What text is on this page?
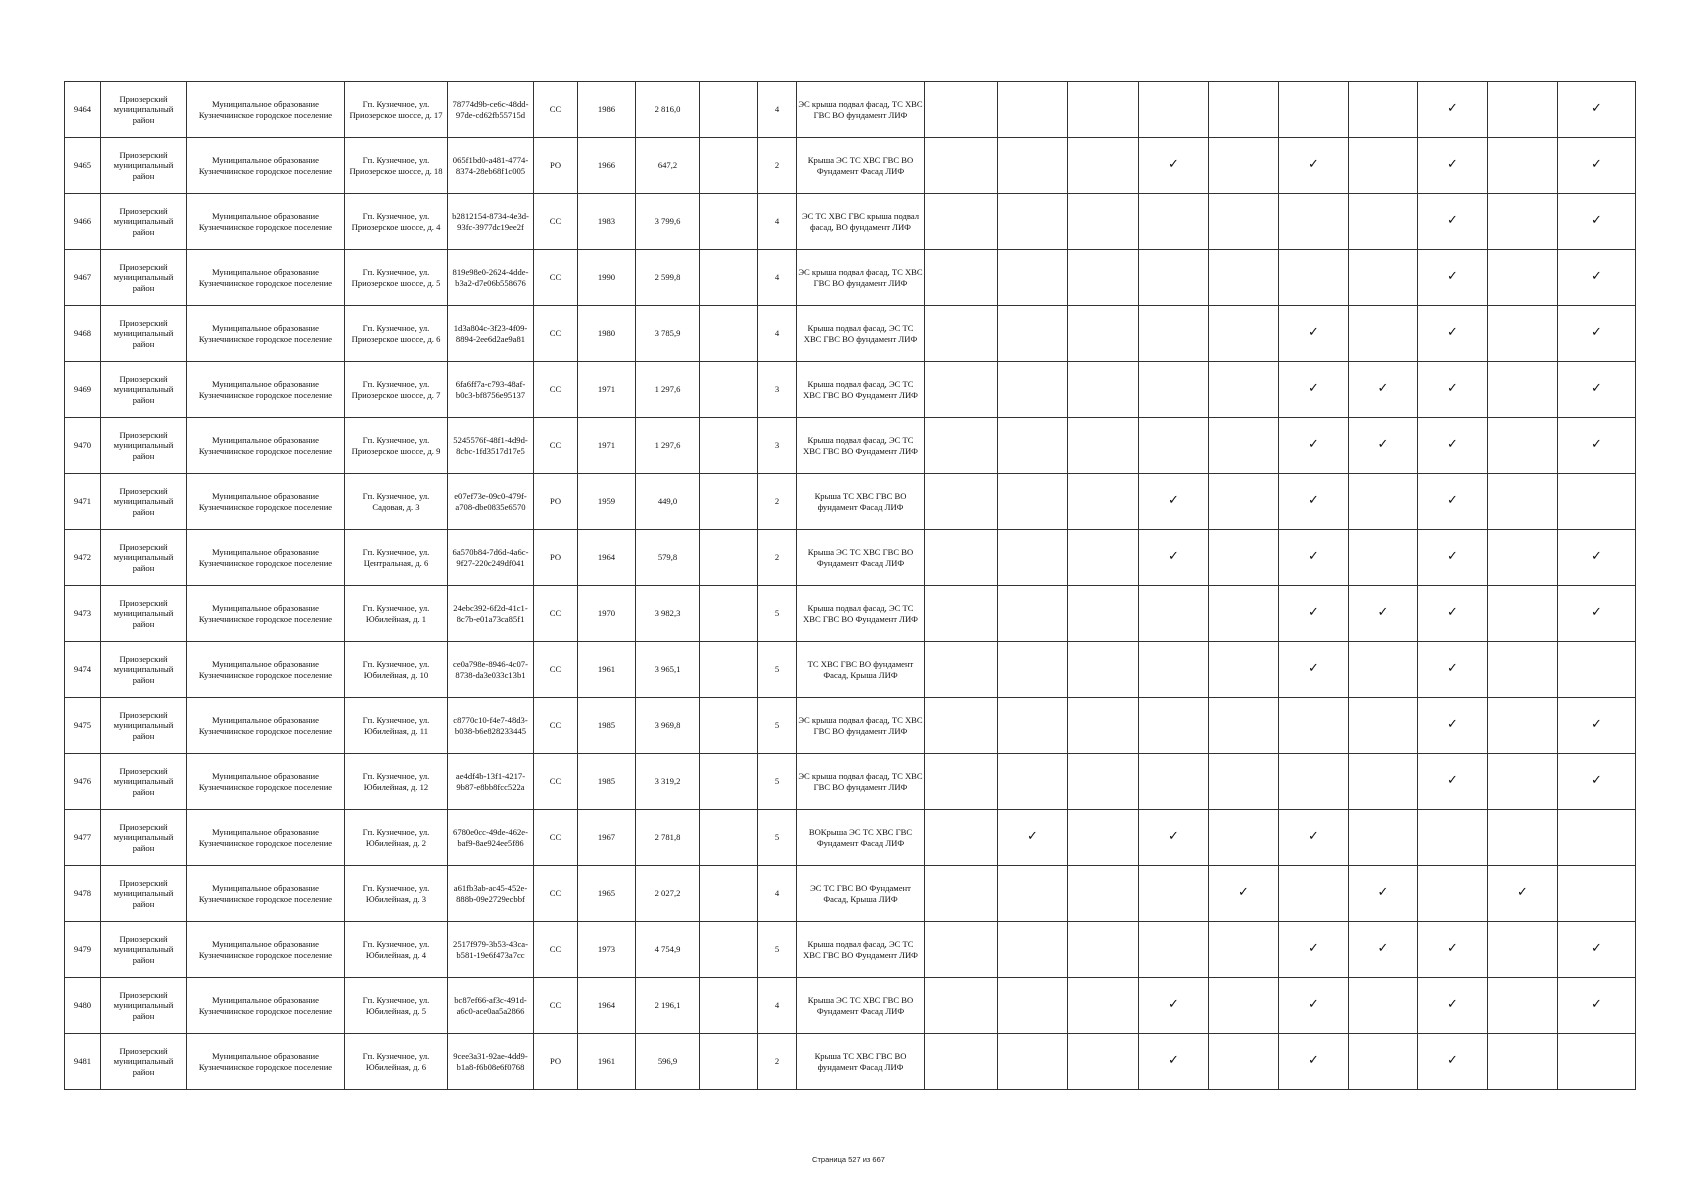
9464	Приозерский муниципальный район	Муниципальное образование Кузнечнинское городское поселение	Гп. Кузнечное, ул. Приозерское шоссе, д. 17	78774d9b-ce6c-48dd-97de-cd62fb55715d	СС	1986	2 816,0		4	ЭС крыша подвал фасад, ТС ХВС ГВС ВО фундамент ЛИФ								✓		✓
9465	Приозерский муниципальный район	Муниципальное образование Кузнечнинское городское поселение	Гп. Кузнечное, ул. Приозерское шоссе, д. 18	065f1bd0-a481-4774-8374-28eb68f1c005	РО	1966	647,2		2	Крыша ЭС ТС ХВС ГВС ВО Фундамент Фасад ЛИФ				✓		✓		✓		✓
9466	Приозерский муниципальный район	Муниципальное образование Кузнечнинское городское поселение	Гп. Кузнечное, ул. Приозерское шоссе, д. 4	b2812154-8734-4e3d-93fc-3977dc19ee2f	СС	1983	3 799,6		4	ЭС ТС ХВС ГВС крыша подвал фасад, ВО фундамент ЛИФ								✓		✓
9467	Приозерский муниципальный район	Муниципальное образование Кузнечнинское городское поселение	Гп. Кузнечное, ул. Приозерское шоссе, д. 5	819e98e0-2624-4dde-b3a2-d7e06b558676	СС	1990	2 599,8		4	ЭС крыша подвал фасад, ТС ХВС ГВС ВО фундамент ЛИФ								✓		✓
9468	Приозерский муниципальный район	Муниципальное образование Кузнечнинское городское поселение	Гп. Кузнечное, ул. Приозерское шоссе, д. 6	1d3a804c-3f23-4f09-8894-2ee6d2ae9a81	СС	1980	3 785,9		4	Крыша подвал фасад, ЭС ТС ХВС ГВС ВО фундамент ЛИФ						✓		✓		✓
9469	Приозерский муниципальный район	Муниципальное образование Кузнечнинское городское поселение	Гп. Кузнечное, ул. Приозерское шоссе, д. 7	6fa6ff7a-c793-48af-b0c3-bf8756e95137	СС	1971	1 297,6		3	Крыша подвал фасад, ЭС ТС ХВС ГВС ВО Фундамент ЛИФ						✓	✓	✓		✓
9470	Приозерский муниципальный район	Муниципальное образование Кузнечнинское городское поселение	Гп. Кузнечное, ул. Приозерское шоссе, д. 9	5245576f-48f1-4d9d-8cbc-1fd3517d17e5	СС	1971	1 297,6		3	Крыша подвал фасад, ЭС ТС ХВС ГВС ВО Фундамент ЛИФ						✓	✓	✓		✓
9471	Приозерский муниципальный район	Муниципальное образование Кузнечнинское городское поселение	Гп. Кузнечное, ул. Садовая, д. 3	e07ef73e-09c0-479f-a708-dbe0835e6570	РО	1959	449,0		2	Крыша ТС ХВС ГВС ВО фундамент Фасад ЛИФ				✓		✓		✓		
9472	Приозерский муниципальный район	Муниципальное образование Кузнечнинское городское поселение	Гп. Кузнечное, ул. Центральная, д. 6	6a570b84-7d6d-4a6c-9f27-220c249df041	РО	1964	579,8		2	Крыша ЭС ТС ХВС ГВС ВО Фундамент Фасад ЛИФ				✓		✓		✓		✓
9473	Приозерский муниципальный район	Муниципальное образование Кузнечнинское городское поселение	Гп. Кузнечное, ул. Юбилейная, д. 1	24ebc392-6f2d-41c1-8c7b-e01a73ca85f1	СС	1970	3 982,3		5	Крыша подвал фасад, ЭС ТС ХВС ГВС ВО Фундамент ЛИФ						✓	✓	✓		✓
9474	Приозерский муниципальный район	Муниципальное образование Кузнечнинское городское поселение	Гп. Кузнечное, ул. Юбилейная, д. 10	ce0a798e-8946-4c07-8738-da3e033c13b1	СС	1961	3 965,1		5	ТС ХВС ГВС ВО фундамент Фасад, Крыша ЛИФ						✓		✓		
9475	Приозерский муниципальный район	Муниципальное образование Кузнечнинское городское поселение	Гп. Кузнечное, ул. Юбилейная, д. 11	c8770c10-f4e7-48d3-b038-b6e828233445	СС	1985	3 969,8		5	ЭС крыша подвал фасад, ТС ХВС ГВС ВО фундамент ЛИФ								✓		✓
9476	Приозерский муниципальный район	Муниципальное образование Кузнечнинское городское поселение	Гп. Кузнечное, ул. Юбилейная, д. 12	ae4df4b-13f1-4217-9b87-e8bb8fcc522a	СС	1985	3 319,2		5	ЭС крыша подвал фасад, ТС ХВС ГВС ВО фундамент ЛИФ								✓		✓
9477	Приозерский муниципальный район	Муниципальное образование Кузнечнинское городское поселение	Гп. Кузнечное, ул. Юбилейная, д. 2	6780e0cc-49de-462e-baf9-8ae924ee5f86	СС	1967	2 781,8		5	ВОКрыша ЭС ТС ХВС ГВС Фундамент Фасад ЛИФ		✓		✓		✓				
9478	Приозерский муниципальный район	Муниципальное образование Кузнечнинское городское поселение	Гп. Кузнечное, ул. Юбилейная, д. 3	a61fb3ab-ac45-452e-888b-09e2729ecbbf	СС	1965	2 027,2		4	ЭС ТС ГВС ВО Фундамент Фасад, Крыша ЛИФ					✓		✓		✓	
9479	Приозерский муниципальный район	Муниципальное образование Кузнечнинское городское поселение	Гп. Кузнечное, ул. Юбилейная, д. 4	2517f979-3b53-43ca-b581-19e6f473a7cc	СС	1973	4 754,9		5	Крыша подвал фасад, ЭС ТС ХВС ГВС ВО Фундамент ЛИФ						✓	✓	✓		✓
9480	Приозерский муниципальный район	Муниципальное образование Кузнечнинское городское поселение	Гп. Кузнечное, ул. Юбилейная, д. 5	bc87ef66-af3c-491d-a6c0-ace0aa5a2866	СС	1964	2 196,1		4	Крыша ЭС ТС ХВС ГВС ВО Фундамент Фасад ЛИФ				✓		✓		✓		✓
9481	Приозерский муниципальный район	Муниципальное образование Кузнечнинское городское поселение	Гп. Кузнечное, ул. Юбилейная, д. 6	9cee3a31-92ae-4dd9-b1a8-f6b08e6f0768	РО	1961	596,9		2	Крыша ТС ХВС ГВС ВО фундамент Фасад ЛИФ				✓		✓		✓		
Страница 527 из 667
